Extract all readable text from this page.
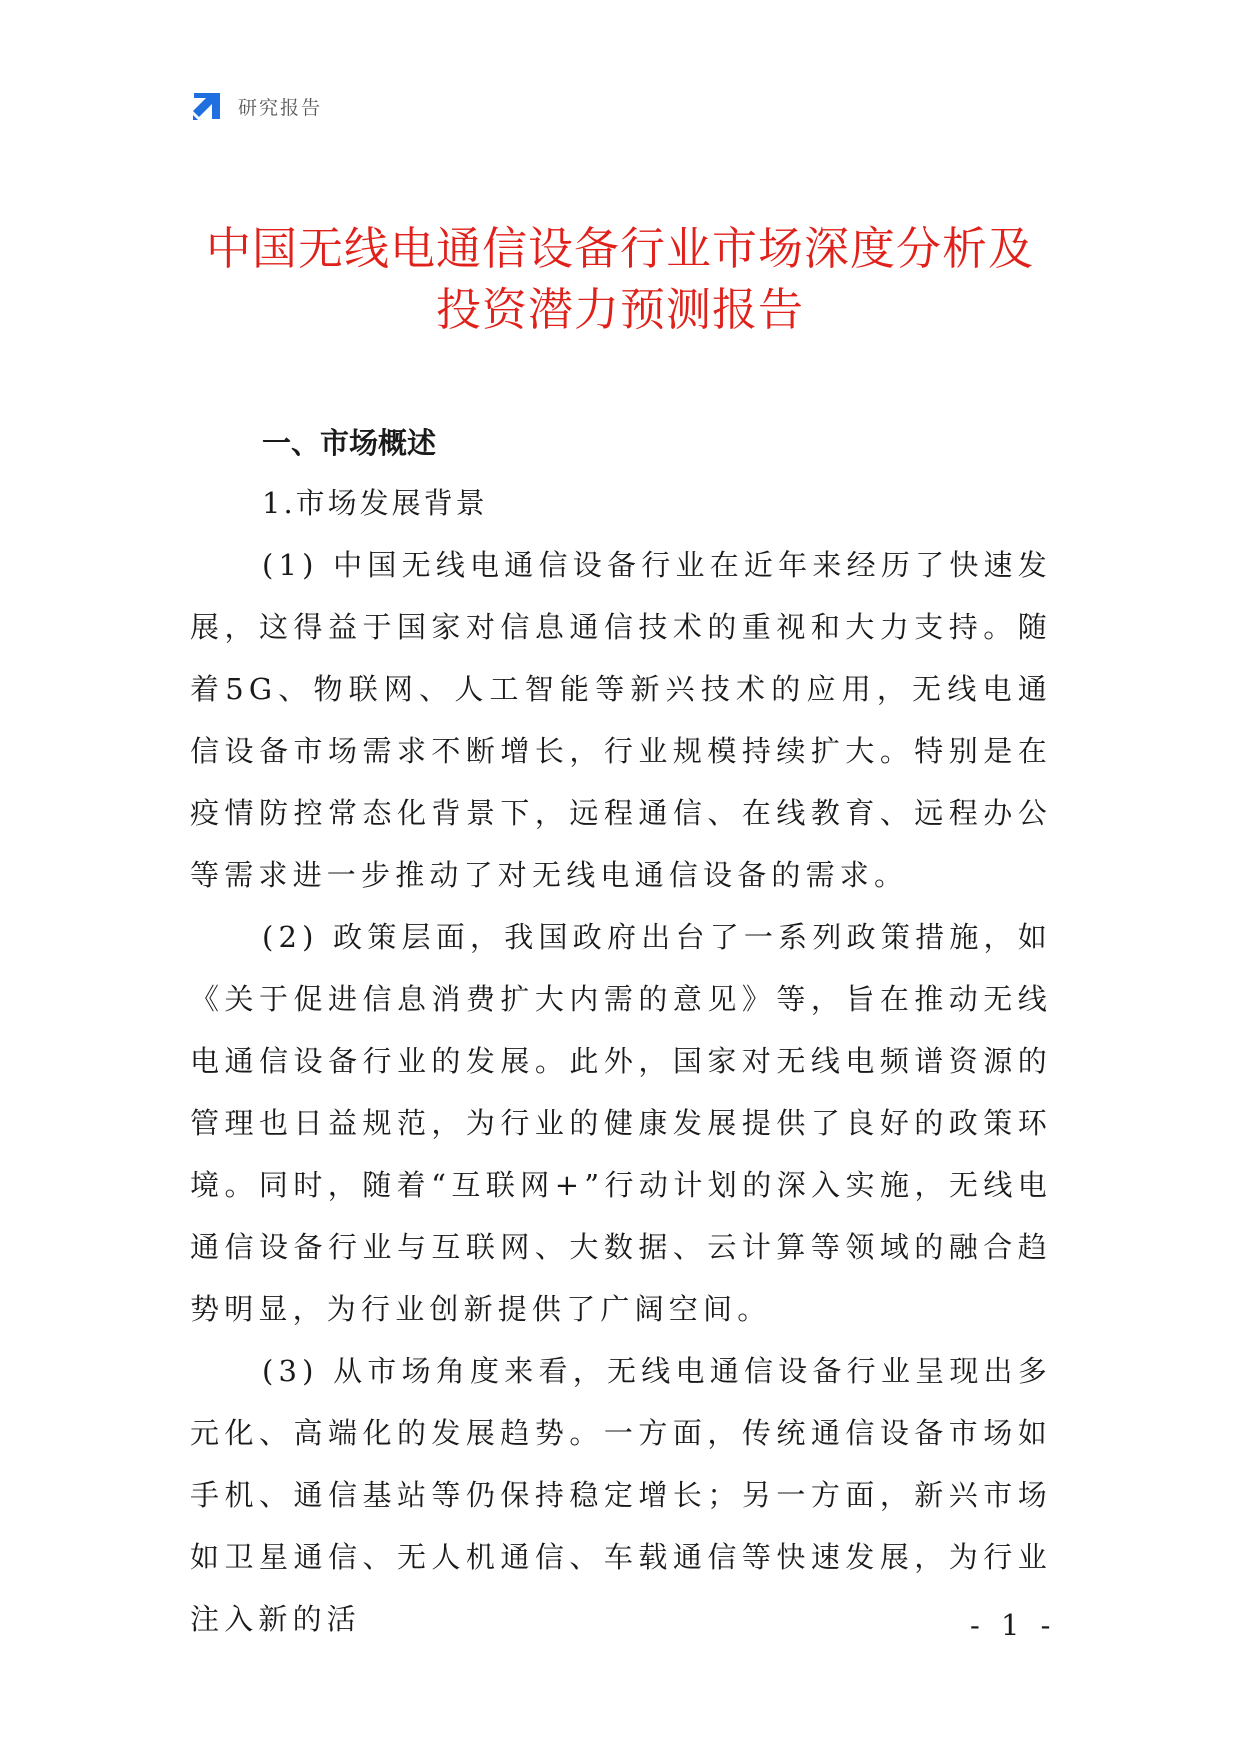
研究报告
中国无线电通信设备行业市场深度分析及
投资潜力预测报告
一、市场概述

1.市场发展背景

(1) 中国无线电通信设备行业在近年来经历了快速发展，这得益于国家对信息通信技术的重视和大力支持。随着5G、物联网、人工智能等新兴技术的应用，无线电通信设备市场需求不断增长，行业规模持续扩大。特别是在疫情防控常态化背景下，远程通信、在线教育、远程办公等需求进一步推动了对无线电通信设备的需求。

(2) 政策层面，我国政府出台了一系列政策措施，如《关于促进信息消费扩大内需的意见》等，旨在推动无线电通信设备行业的发展。此外，国家对无线电频谱资源的管理也日益规范，为行业的健康发展提供了良好的政策环境。同时，随着“互联网+”行动计划的深入实施，无线电通信设备行业与互联网、大数据、云计算等领域的融合趋势明显，为行业创新提供了广阔空间。

(3) 从市场角度来看，无线电通信设备行业呈现出多元化、高端化的发展趋势。一方面，传统通信设备市场如手机、通信基站等仍保持稳定增长；另一方面，新兴市场如卫星通信、无人机通信、车载通信等快速发展，为行业注入新的活	- 1 -
